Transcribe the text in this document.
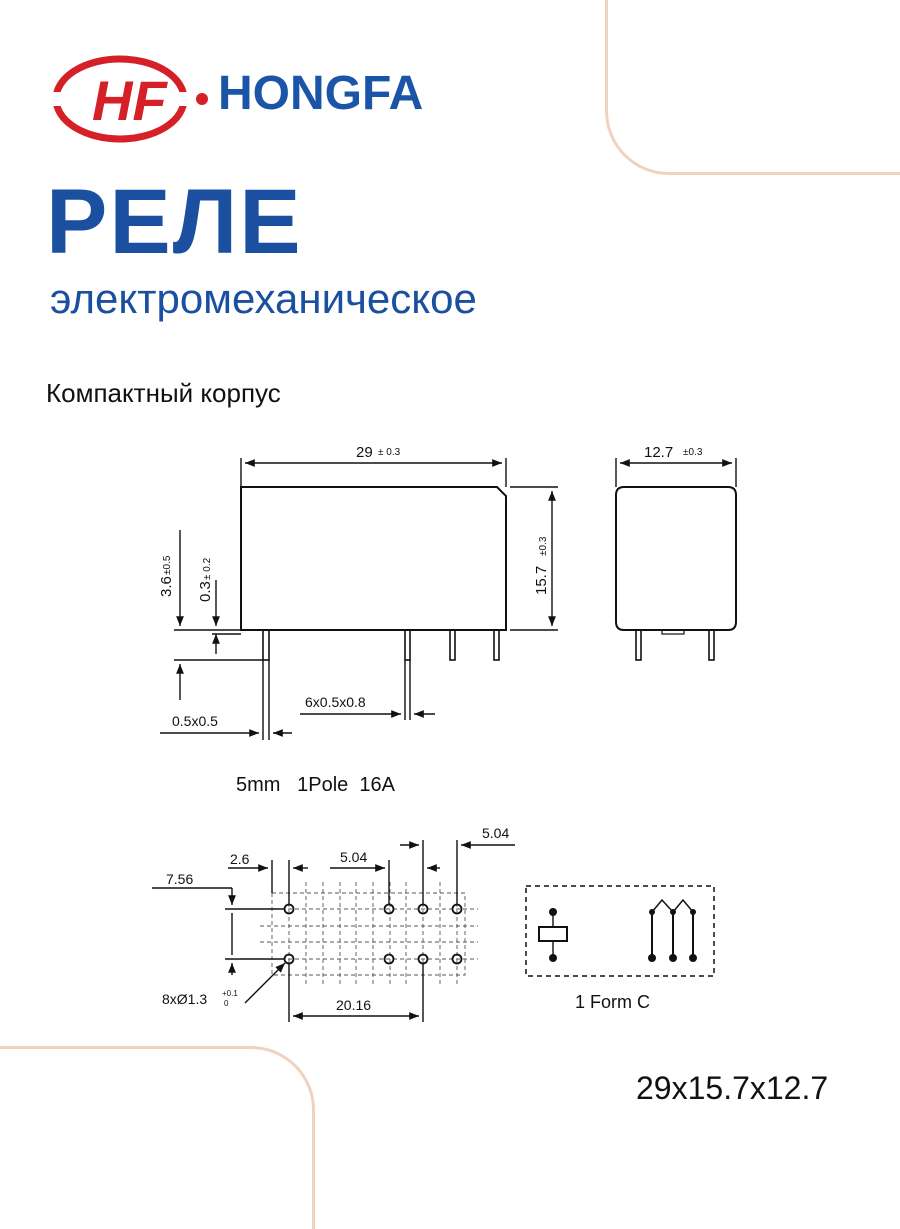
HF HONGFA
РЕЛЕ
электромеханическое
Компактный корпус
29 ± 0.3	12.7 ±0.3
15.7
±0.3
3.6
±0.5
0.3
± 0.2
0.5x0.5
6x0.5x0.8
5mm   1Pole  16A
2.6	5.04
5.04
7.56
20.16
8xØ1.3 +0.1
0	1 Form C
29x15.7x12.7
